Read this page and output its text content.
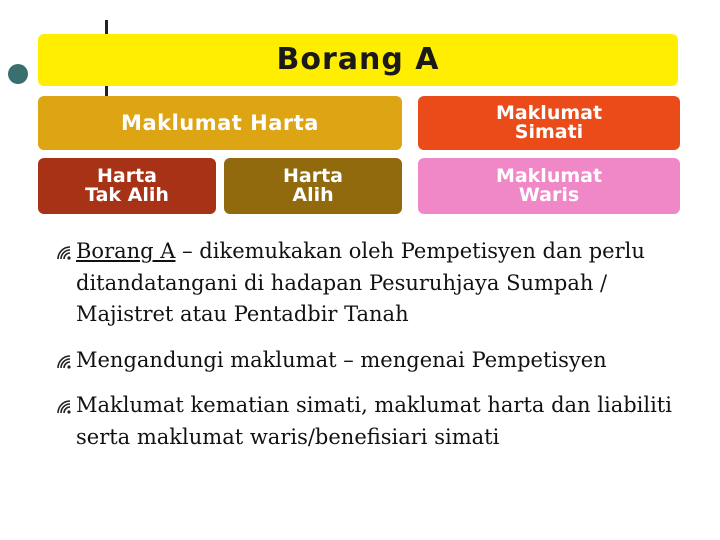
Borang A
Maklumat Harta	Maklumat
Simati
Harta
Tak Alih
Harta
Alih
Maklumat
Waris
Borang A – dikemukakan oleh Pempetisyen dan perlu ditandatangani di hadapan Pesuruhjaya Sumpah / Majistret atau Pentadbir Tanah
Mengandungi maklumat – mengenai Pempetisyen
Maklumat kematian simati, maklumat harta dan liabiliti serta maklumat waris/benefisiari simati
